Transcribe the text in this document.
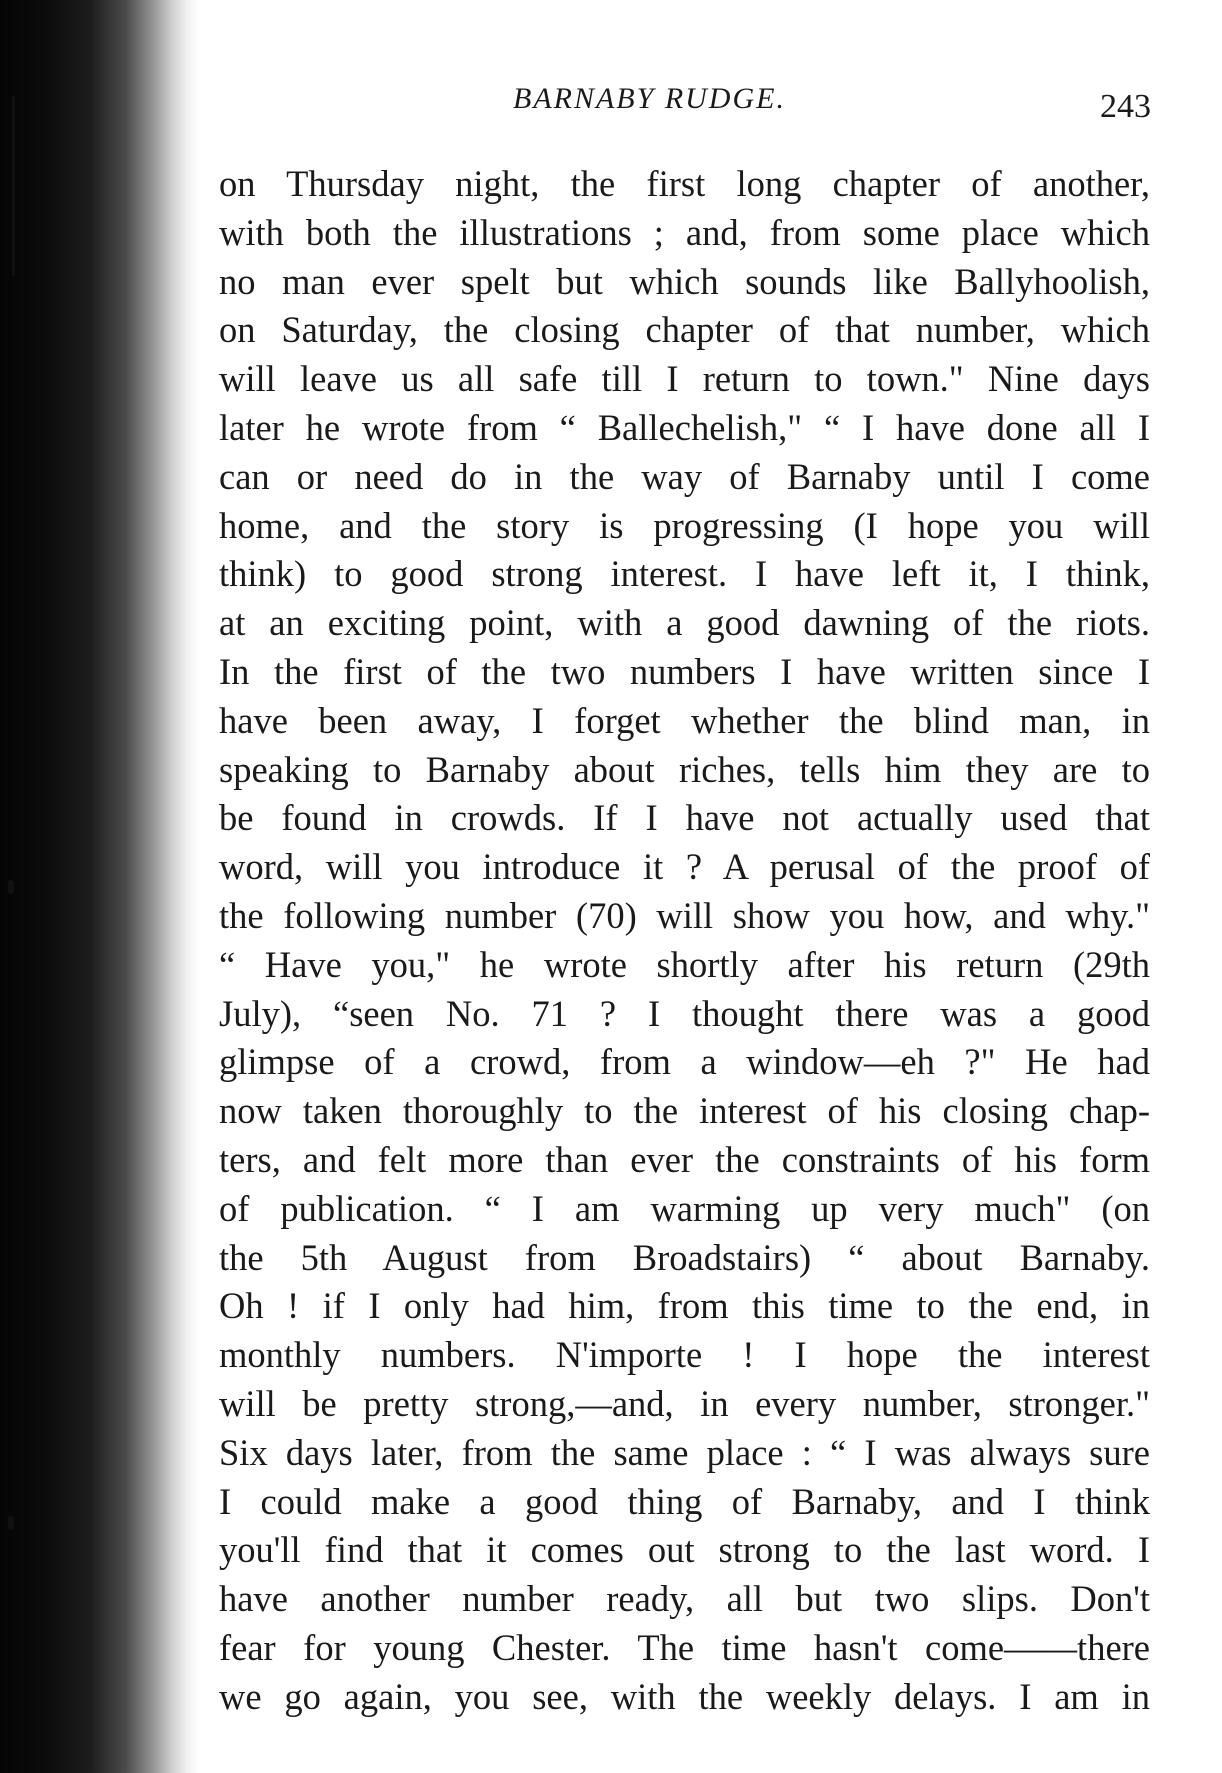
BARNABY RUDGE.	243
on Thursday night, the first long chapter of another,
with both the illustrations ; and, from some place which
no man ever spelt but which sounds like Ballyhoolish,
on Saturday, the closing chapter of that number, which
will leave us all safe till I return to town." Nine days
later he wrote from “ Ballechelish," “ I have done all I
can or need do in the way of Barnaby until I come
home, and the story is progressing (I hope you will
think) to good strong interest. I have left it, I think,
at an exciting point, with a good dawning of the riots.
In the first of the two numbers I have written since I
have been away, I forget whether the blind man, in
speaking to Barnaby about riches, tells him they are to
be found in crowds. If I have not actually used that
word, will you introduce it ? A perusal of the proof of
the following number (70) will show you how, and why."
“ Have you," he wrote shortly after his return (29th
July), “seen No. 71 ? I thought there was a good
glimpse of a crowd, from a window—eh ?" He had
now taken thoroughly to the interest of his closing chap-
ters, and felt more than ever the constraints of his form
of publication. “ I am warming up very much" (on
the 5th August from Broadstairs) “ about Barnaby.
Oh ! if I only had him, from this time to the end, in
monthly numbers. N'importe ! I hope the interest
will be pretty strong,—and, in every number, stronger."
Six days later, from the same place : “ I was always sure
I could make a good thing of Barnaby, and I think
you'll find that it comes out strong to the last word. I
have another number ready, all but two slips. Don't
fear for young Chester. The time hasn't come——there
we go again, you see, with the weekly delays. I am in
